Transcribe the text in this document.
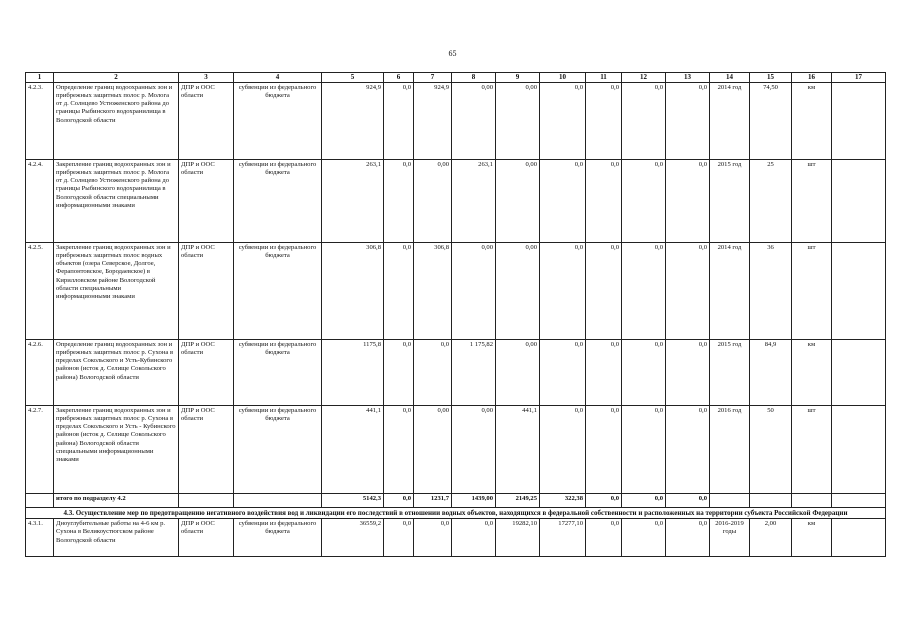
65
1	2	3	4	5	6	7	8	9	10	11	12	13	14	15	16	17
4.2.3.	Определение границ водоохранных зон и прибрежных защитных полос р. Молога от д. Солнцево Устюженского района до границы Рыбинского водохранилища в Вологодской области	ДПР и ООС области	субвенции из федерального бюджета	924,9	0,0	924,9	0,00	0,00	0,0	0,0	0,0	0,0	2014 год	74,50	км	
4.2.4.	Закрепление границ водоохранных зон и прибрежных защитных полос р. Молога от д. Солнцево Устюженского района до границы Рыбинского водохранилища в Вологодской области специальными информационными знаками	ДПР и ООС области	субвенции из федерального бюджета	263,1	0,0	0,00	263,1	0,00	0,0	0,0	0,0	0,0	2015 год	25	шт	
4.2.5.	Закрепление границ водоохранных зон и прибрежных защитных полос водных объектов (озера Северское, Долгое, Ферапонтовское, Бородаевское) в Кирилловском районе Вологодской области специальными информационными знаками	ДПР и ООС области	субвенции из федерального бюджета	306,8	0,0	306,8	0,00	0,00	0,0	0,0	0,0	0,0	2014 год	36	шт	
4.2.6.	Определение границ водоохранных зон и прибрежных защитных полос р. Сухона в пределах Сокольского и Усть-Кубинского районов (исток д. Селище Сокольского района) Вологодской области	ДПР и ООС области	субвенции из федерального бюджета	1175,8	0,0	0,0	1 175,82	0,00	0,0	0,0	0,0	0,0	2015 год	84,9	км	
4.2.7.	Закрепление границ водоохранных зон и прибрежных защитных полос р. Сухона в пределах Сокольского и Усть - Кубинского районов (исток д. Селище Сокольского района) Вологодской области специальными информационными знаками	ДПР и ООС области	субвенции из федерального бюджета	441,1	0,0	0,00	0,00	441,1	0,0	0,0	0,0	0,0	2016 год	50	шт	
	итого по подразделу 4.2			5142,3	0,0	1231,7	1439,00	2149,25	322,38	0,0	0,0	0,0				
4.3. Осуществление мер по предотвращению негативного воздействия вод и ликвидации его последствий в отношении водных объектов, находящихся в федеральной собственности и расположенных на территории субъекта Российской Федерации																
4.3.1.	Дноуглубительные работы на 4-6 км р. Сухона в Великоустюгском районе Вологодской области	ДПР и ООС области	субвенции из федерального бюджета	36559,2	0,0	0,0	0,0	19282,10	17277,10	0,0	0,0	0,0	2016-2019 годы	2,00	км	
